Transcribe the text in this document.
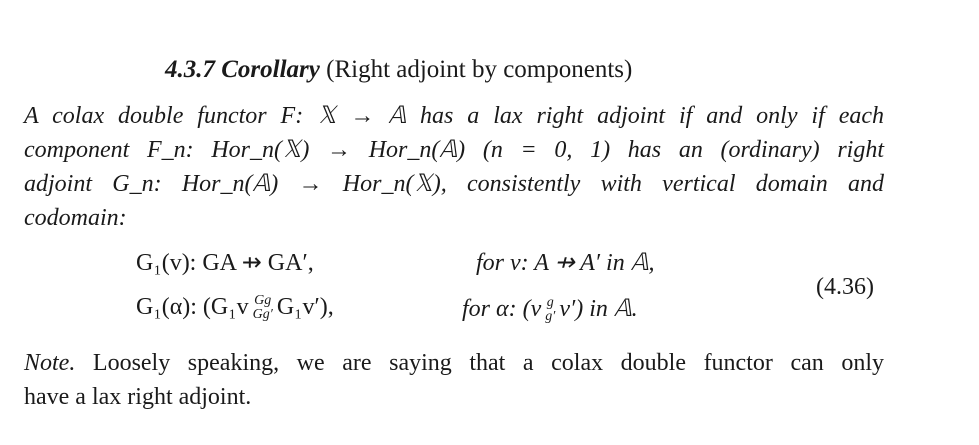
4.3.7 Corollary (Right adjoint by components)
A colax double functor F: 𝕏 → 𝔸 has a lax right adjoint if and only if each
component F_n: Hor_n(𝕏) → Hor_n(𝔸) (n = 0, 1) has an (ordinary) right
adjoint G_n: Hor_n(𝔸) → Hor_n(𝕏), consistently with vertical domain and
codomain:
G₁(v): GA ⇸ GA′,	for v: A ⇸ A′ in 𝔸,
G₁(α): (G₁v Gg
Gg′ G₁v′),	for α: (v g
g′ v′) in 𝔸.
(4.36)
Note. Loosely speaking, we are saying that a colax double functor can only
have a lax right adjoint.
